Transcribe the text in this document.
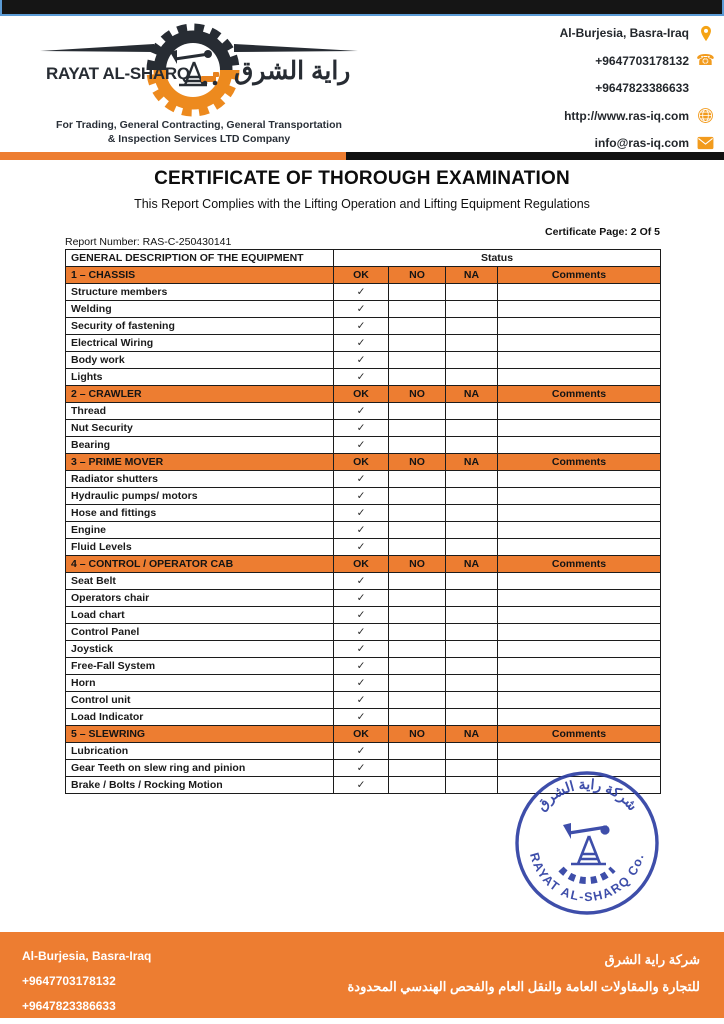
RAYAT AL-SHARQ راية الشرق
For Trading, General Contracting, General Transportation
& Inspection Services LTD Company
Al-Burjesia, Basra-Iraq
+9647703178132 ☎
+9647823386633
http://www.ras-iq.com
info@ras-iq.com
CERTIFICATE OF THOROUGH EXAMINATION
This Report Complies with the Lifting Operation and Lifting Equipment Regulations
Certificate Page: 2 Of 5
Report Number: RAS-C-250430141
GENERAL DESCRIPTION OF THE EQUIPMENT	Status			
1 – CHASSIS	OK	NO	NA	Comments
Structure members	✓			
Welding	✓			
Security of fastening	✓			
Electrical Wiring	✓			
Body work	✓			
Lights	✓			
2 – CRAWLER	OK	NO	NA	Comments
Thread	✓			
Nut Security	✓			
Bearing	✓			
3 – PRIME MOVER	OK	NO	NA	Comments
Radiator shutters	✓			
Hydraulic pumps/ motors	✓			
Hose and fittings	✓			
Engine	✓			
Fluid Levels	✓			
4 – CONTROL / OPERATOR CAB	OK	NO	NA	Comments
Seat Belt	✓			
Operators chair	✓			
Load chart	✓			
Control Panel	✓			
Joystick	✓			
Free-Fall System	✓			
Horn	✓			
Control unit	✓			
Load Indicator	✓			
5 – SLEWRING	OK	NO	NA	Comments
Lubrication	✓			
Gear Teeth on slew ring and pinion	✓			
Brake / Bolts / Rocking Motion	✓			
شركة راية الشرق
RAYAT AL-SHARQ Co.
Al-Burjesia, Basra-Iraq
+9647703178132
+9647823386633
شركة راية الشرق
للتجارة والمقاولات العامة والنقل العام والفحص الهندسي المحدودة
